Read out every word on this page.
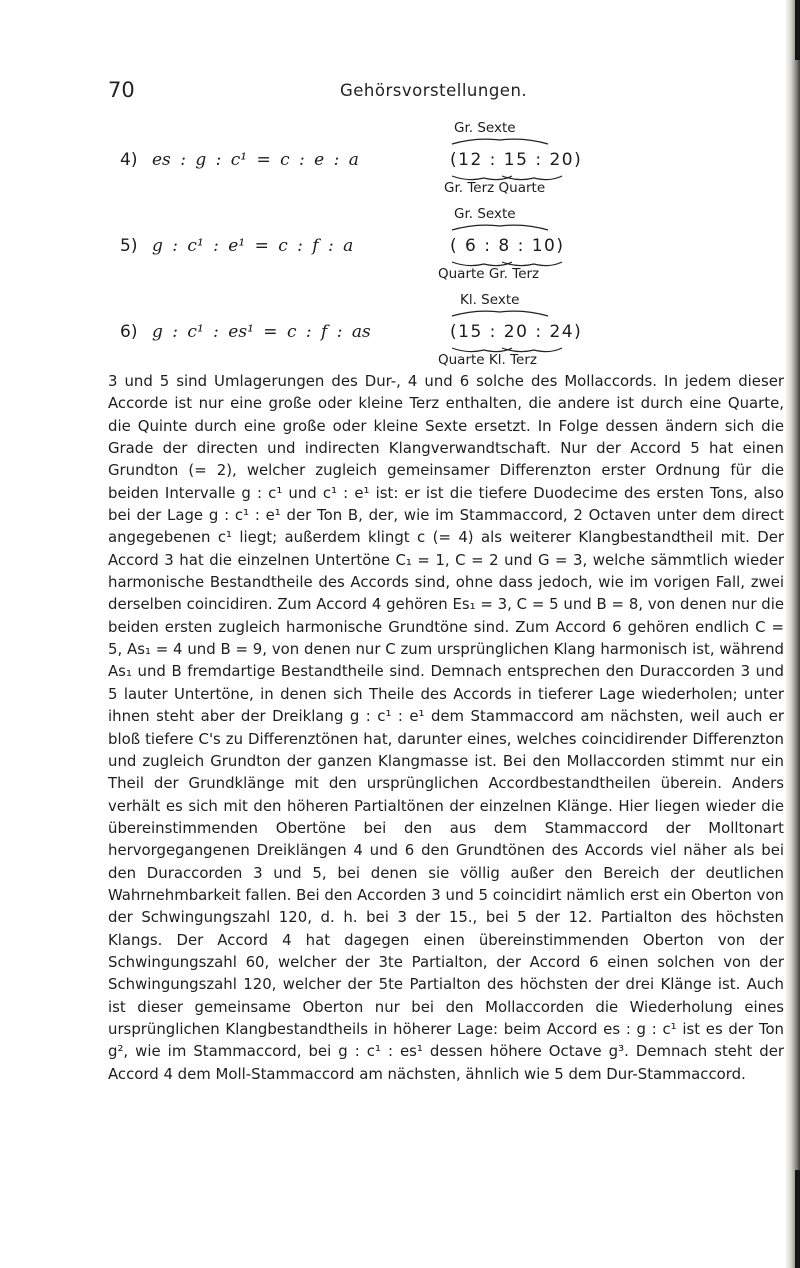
70	Gehörsvorstellungen.
Gr. Sexte
4) es : g : c¹ = c : e : a	(12 : 15 : 20)
Gr. Terz Quarte
Gr. Sexte
5) g : c¹ : e¹ = c : f : a	( 6 : 8 : 10)
Quarte Gr. Terz
Kl. Sexte
6) g : c¹ : es¹ = c : f : as	(15 : 20 : 24)
Quarte Kl. Terz

3 und 5 sind Umlagerungen des Dur-, 4 und 6 solche des Mollaccords. In jedem dieser Accorde ist nur eine große oder kleine Terz enthalten, die andere ist durch eine Quarte, die Quinte durch eine große oder kleine Sexte ersetzt. In Folge dessen ändern sich die Grade der directen und indirecten Klangverwandtschaft. Nur der Accord 5 hat einen Grundton (= 2), welcher zugleich gemeinsamer Differenzton erster Ordnung für die beiden Intervalle g : c¹ und c¹ : e¹ ist: er ist die tiefere Duodecime des ersten Tons, also bei der Lage g : c¹ : e¹ der Ton B, der, wie im Stammaccord, 2 Octaven unter dem direct angegebenen c¹ liegt; außerdem klingt c (= 4) als weiterer Klangbestandtheil mit. Der Accord 3 hat die einzelnen Untertöne C₁ = 1, C = 2 und G = 3, welche sämmtlich wieder harmonische Bestandtheile des Accords sind, ohne dass jedoch, wie im vorigen Fall, zwei derselben coincidiren. Zum Accord 4 gehören Es₁ = 3, C = 5 und B = 8, von denen nur die beiden ersten zugleich harmonische Grundtöne sind. Zum Accord 6 gehören endlich C = 5, As₁ = 4 und B = 9, von denen nur C zum ursprünglichen Klang harmonisch ist, während As₁ und B fremdartige Bestandtheile sind. Demnach entsprechen den Duraccorden 3 und 5 lauter Untertöne, in denen sich Theile des Accords in tieferer Lage wiederholen; unter ihnen steht aber der Dreiklang g : c¹ : e¹ dem Stammaccord am nächsten, weil auch er bloß tiefere C's zu Differenztönen hat, darunter eines, welches coincidirender Differenzton und zugleich Grundton der ganzen Klangmasse ist. Bei den Mollaccorden stimmt nur ein Theil der Grundklänge mit den ursprünglichen Accordbestandtheilen überein. Anders verhält es sich mit den höheren Partialtönen der einzelnen Klänge. Hier liegen wieder die übereinstimmenden Obertöne bei den aus dem Stammaccord der Molltonart hervorgegangenen Dreiklängen 4 und 6 den Grundtönen des Accords viel näher als bei den Duraccorden 3 und 5, bei denen sie völlig außer den Bereich der deutlichen Wahrnehmbarkeit fallen. Bei den Accorden 3 und 5 coincidirt nämlich erst ein Oberton von der Schwingungszahl 120, d. h. bei 3 der 15., bei 5 der 12. Partialton des höchsten Klangs. Der Accord 4 hat dagegen einen übereinstimmenden Oberton von der Schwingungszahl 60, welcher der 3te Partialton, der Accord 6 einen solchen von der Schwingungszahl 120, welcher der 5te Partialton des höchsten der drei Klänge ist. Auch ist dieser gemeinsame Oberton nur bei den Mollaccorden die Wiederholung eines ursprünglichen Klangbestandtheils in höherer Lage: beim Accord es : g : c¹ ist es der Ton g², wie im Stammaccord, bei g : c¹ : es¹ dessen höhere Octave g³. Demnach steht der Accord 4 dem Moll-Stammaccord am nächsten, ähnlich wie 5 dem Dur-Stammaccord.
